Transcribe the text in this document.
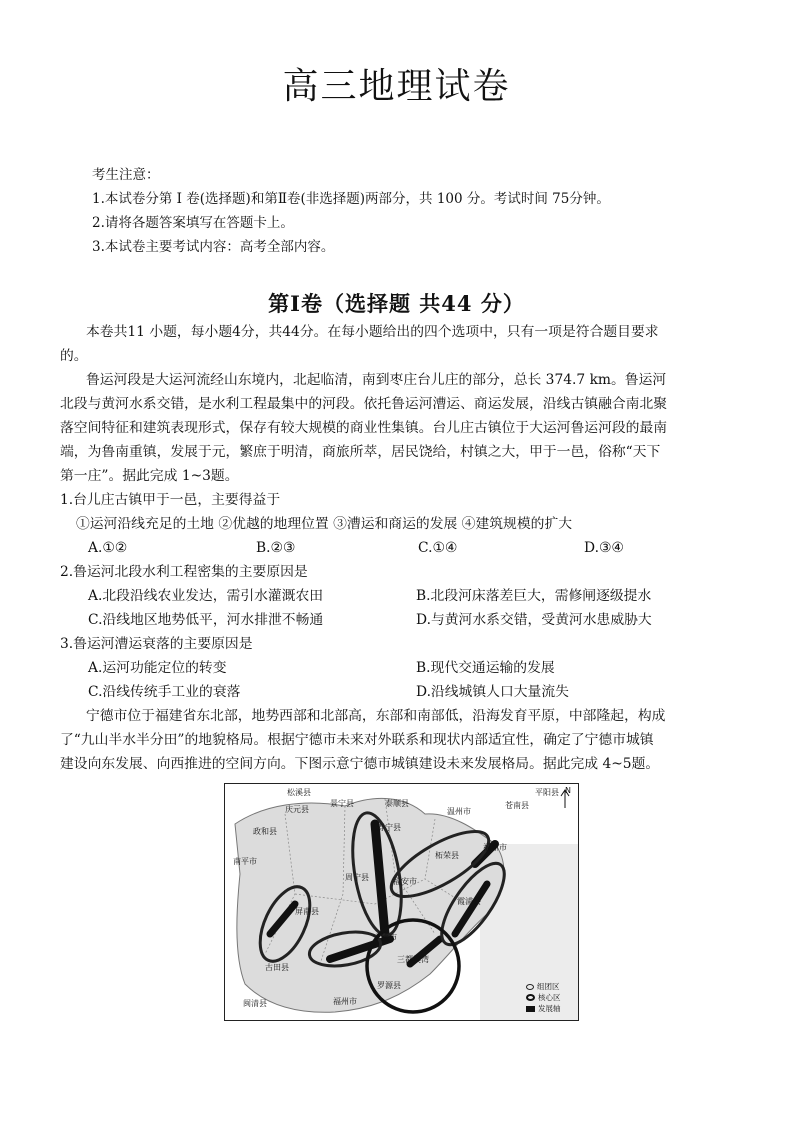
高三地理试卷
考生注意：
1.本试卷分第 Ⅰ 卷(选择题)和第Ⅱ卷(非选择题)两部分，共 100 分。考试时间 75分钟。
2.请将各题答案填写在答题卡上。
3.本试卷主要考试内容：高考全部内容。
第Ⅰ卷（选择题 共44 分）
本卷共11 小题，每小题4分，共44分。在每小题给出的四个选项中，只有一项是符合题目要求
的。
鲁运河段是大运河流经山东境内，北起临清，南到枣庄台儿庄的部分，总长 374.7 km。鲁运河
北段与黄河水系交错，是水利工程最集中的河段。依托鲁运河漕运、商运发展，沿线古镇融合南北聚
落空间特征和建筑表现形式，保存有较大规模的商业性集镇。台儿庄古镇位于大运河鲁运河段的最南
端，为鲁南重镇，发展于元，繁庶于明清，商旅所萃，居民饶给，村镇之大，甲于一邑，俗称“天下
第一庄”。据此完成 1~3题。
1.台儿庄古镇甲于一邑，主要得益于
①运河沿线充足的土地 ②优越的地理位置 ③漕运和商运的发展 ④建筑规模的扩大
A.①②	B.②③	C.①④	D.③④
2.鲁运河北段水利工程密集的主要原因是
A.北段沿线农业发达，需引水灌溉农田	B.北段河床落差巨大，需修闸逐级提水
C.沿线地区地势低平，河水排泄不畅通	D.与黄河水系交错，受黄河水患威胁大
3.鲁运河漕运衰落的主要原因是
A.运河功能定位的转变	B.现代交通运输的发展
C.沿线传统手工业的衰落	D.沿线城镇人口大量流失
宁德市位于福建省东北部，地势西部和北部高，东部和南部低，沿海发育平原，中部隆起，构成
了“九山半水半分田”的地貌格局。根据宁德市未来对外联系和现状内部适宜性，确定了宁德市城镇
建设向东发展、向西推进的空间方向。下图示意宁德市城镇建设未来发展格局。据此完成 4~5题。
松溪县
庆元县
景宁县	泰顺县
温州市
苍南县
平阳县 N
政和县
南平市
柘荣县
福鼎市
霞浦县
周宁县	福安市
寿宁县
屏南县
古田县
宁德市
三都澳湾
罗源县
闽清县	福州市
组团区
核心区
发展轴
